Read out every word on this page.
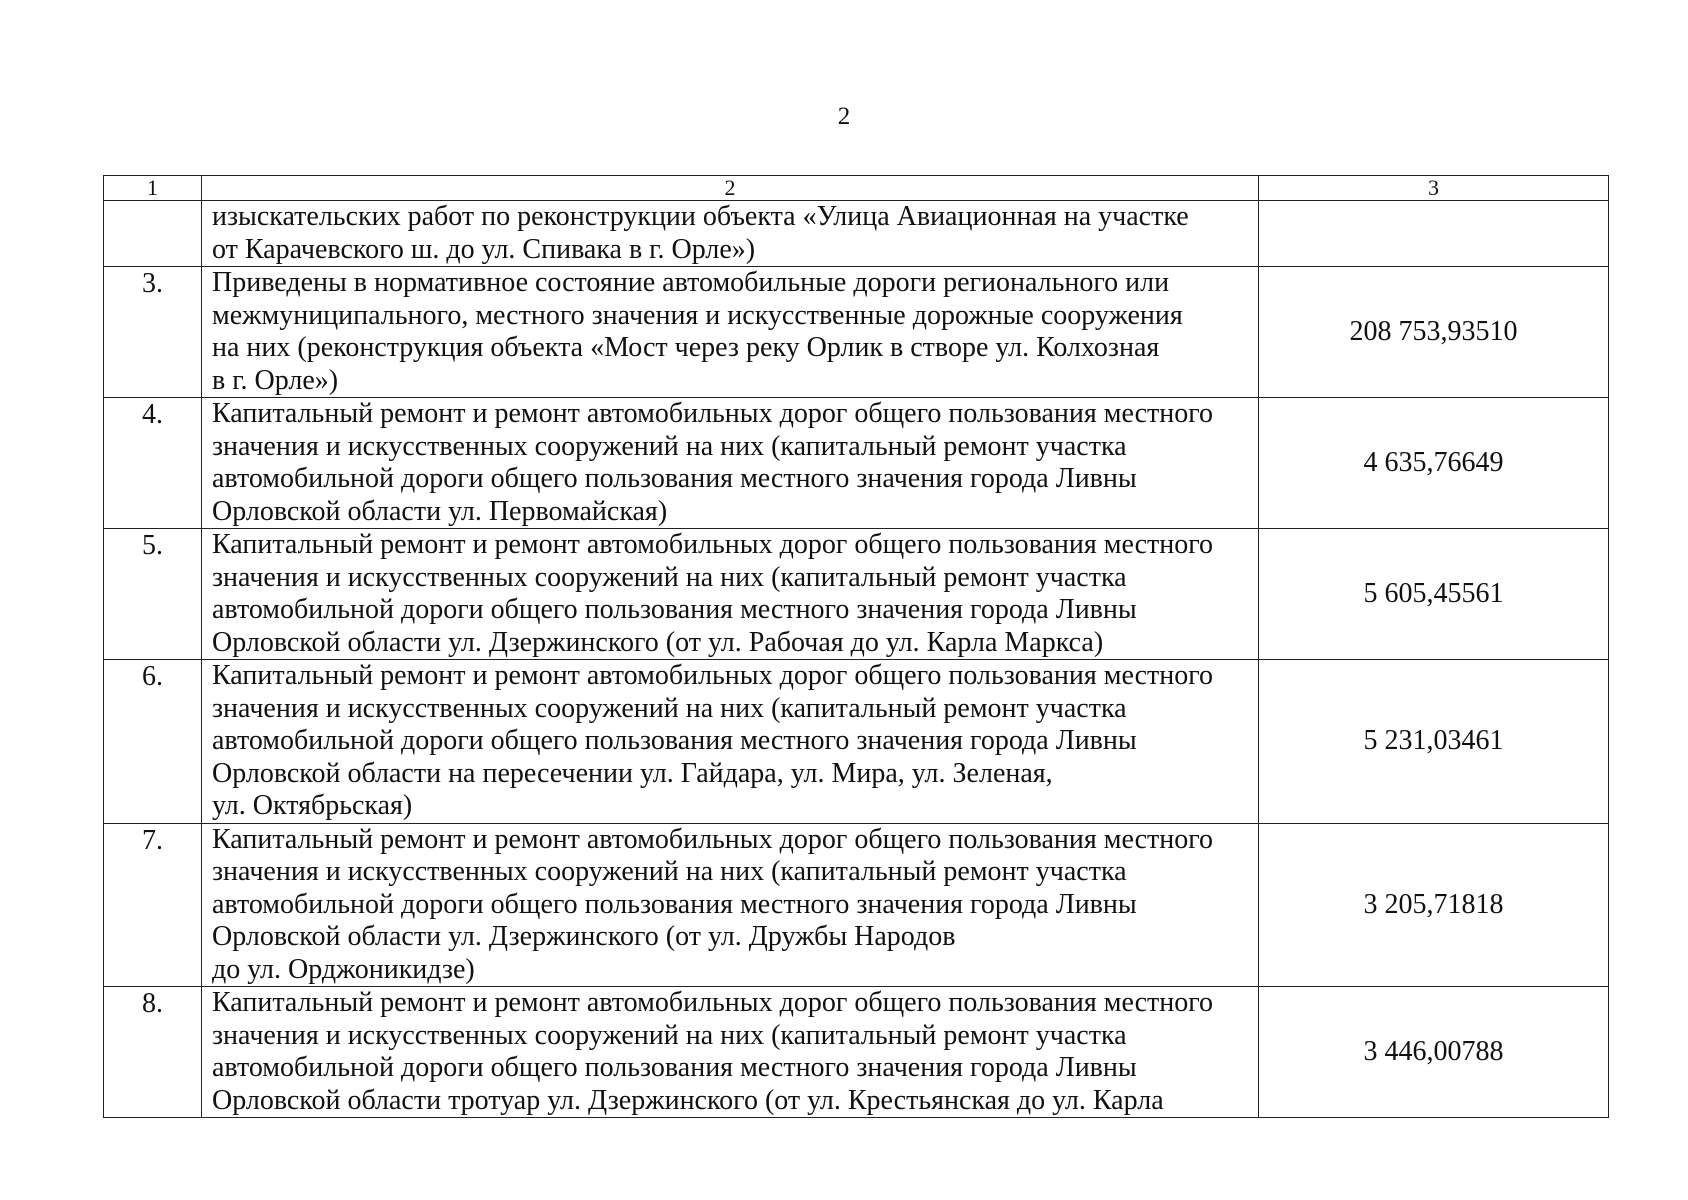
2
1	2	3
	изыскательских работ по реконструкции объекта «Улица Авиационная на участке
от Карачевского ш. до ул. Спивака в г. Орле»)	
3.	Приведены в нормативное состояние автомобильные дороги регионального или
межмуниципального, местного значения и искусственные дорожные сооружения
на них (реконструкция объекта «Мост через реку Орлик в створе ул. Колхозная
в г. Орле»)	208 753,93510
4.	Капитальный ремонт и ремонт автомобильных дорог общего пользования местного
значения и искусственных сооружений на них (капитальный ремонт участка
автомобильной дороги общего пользования местного значения города Ливны
Орловской области ул. Первомайская)	4 635,76649
5.	Капитальный ремонт и ремонт автомобильных дорог общего пользования местного
значения и искусственных сооружений на них (капитальный ремонт участка
автомобильной дороги общего пользования местного значения города Ливны
Орловской области ул. Дзержинского (от ул. Рабочая до ул. Карла Маркса)	5 605,45561
6.	Капитальный ремонт и ремонт автомобильных дорог общего пользования местного
значения и искусственных сооружений на них (капитальный ремонт участка
автомобильной дороги общего пользования местного значения города Ливны
Орловской области на пересечении ул. Гайдара, ул. Мира, ул. Зеленая,
ул. Октябрьская)	5 231,03461
7.	Капитальный ремонт и ремонт автомобильных дорог общего пользования местного
значения и искусственных сооружений на них (капитальный ремонт участка
автомобильной дороги общего пользования местного значения города Ливны
Орловской области ул. Дзержинского (от ул. Дружбы Народов
до ул. Орджоникидзе)	3 205,71818
8.	Капитальный ремонт и ремонт автомобильных дорог общего пользования местного
значения и искусственных сооружений на них (капитальный ремонт участка
автомобильной дороги общего пользования местного значения города Ливны
Орловской области тротуар ул. Дзержинского (от ул. Крестьянская до ул. Карла	3 446,00788
